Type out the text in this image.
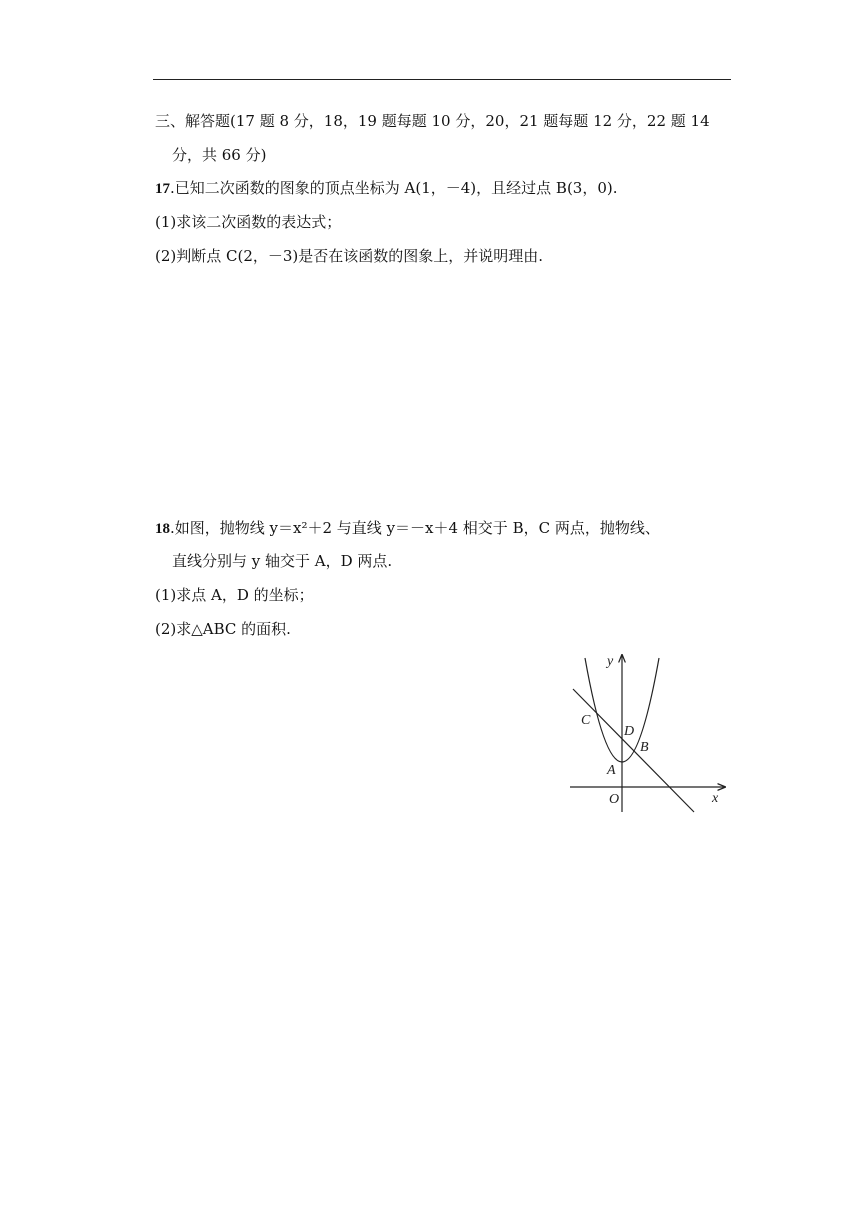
三、解答题(17 题 8 分，18，19 题每题 10 分，20，21 题每题 12 分，22 题 14
分，共 66 分)
17.已知二次函数的图象的顶点坐标为 A(1，－4)，且经过点 B(3，0).
(1)求该二次函数的表达式；
(2)判断点 C(2，－3)是否在该函数的图象上，并说明理由.
18.如图，抛物线 y＝x²＋2 与直线 y＝－x＋4 相交于 B，C 两点，抛物线、
直线分别与 y 轴交于 A，D 两点.
(1)求点 A，D 的坐标；
(2)求△ABC 的面积.
y
x
O
A
B
C
D
